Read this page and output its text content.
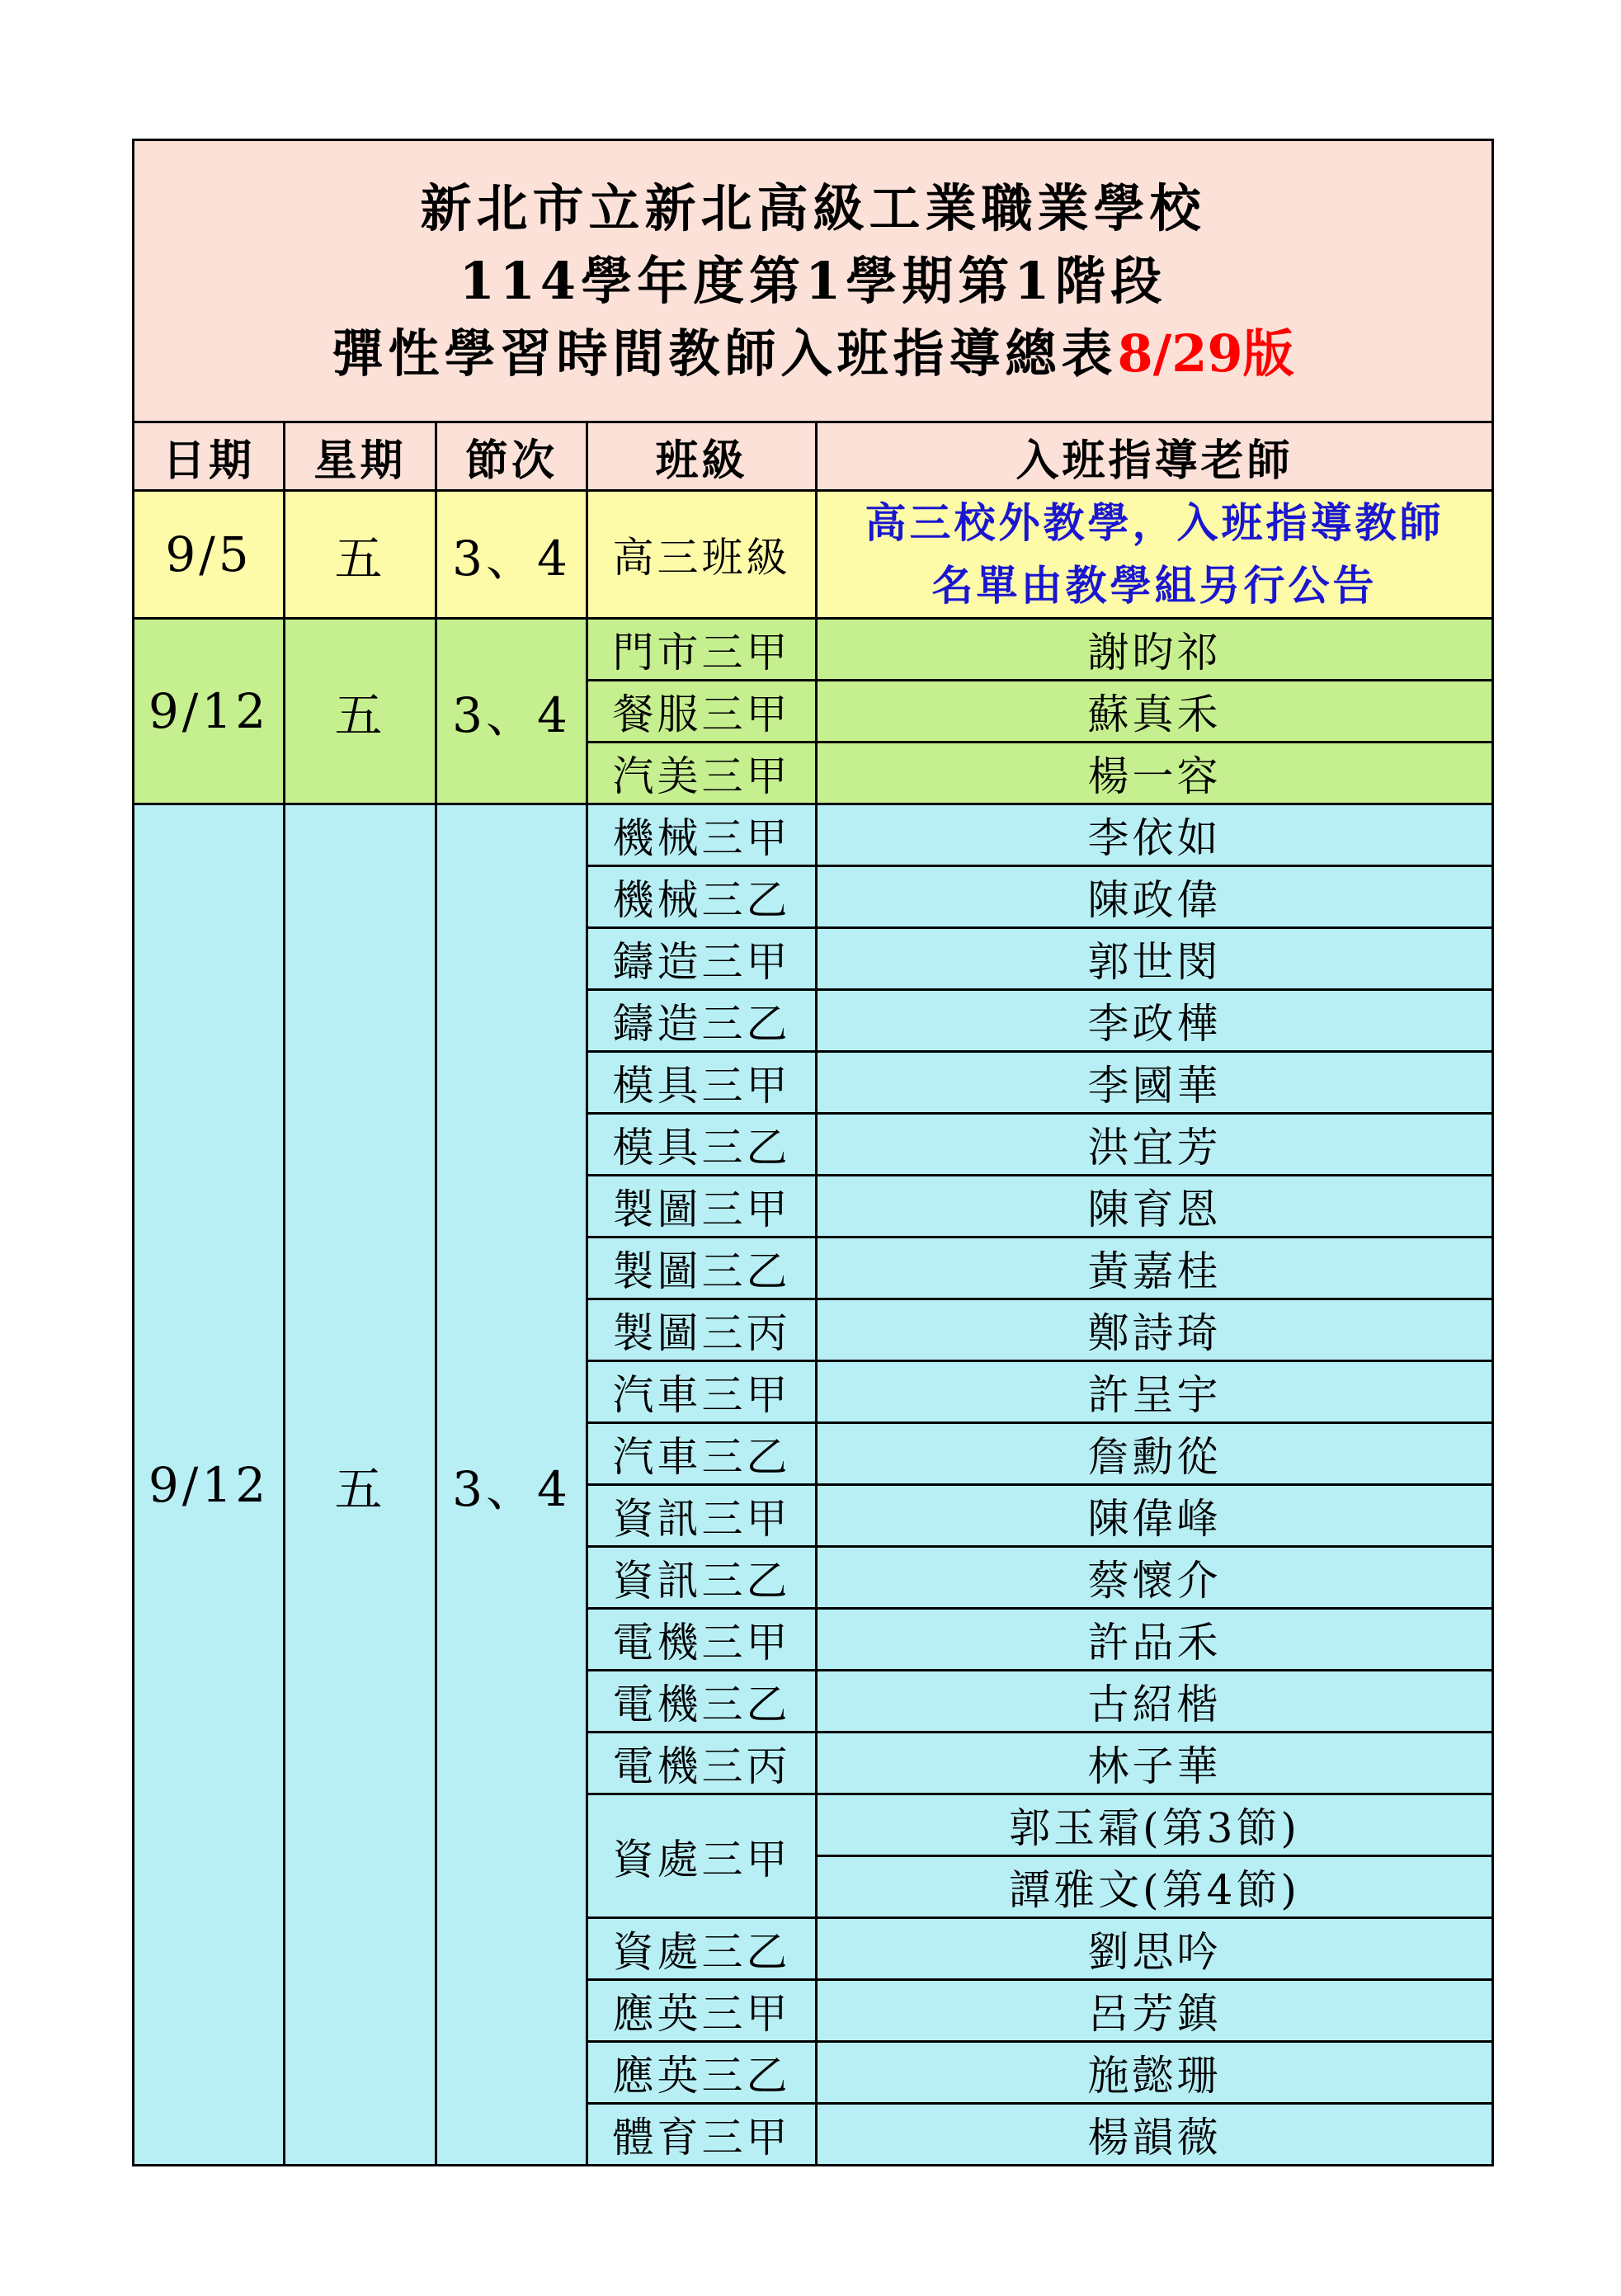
新北市立新北高級工業職業學校
114學年度第1學期第1階段
彈性學習時間教師入班指導總表8/29版				

日期	星期	節次	班級	入班指導老師
9/5	五	3、4	高三班級	高三校外教學，入班指導教師
名單由教學組另行公告

9/12	五	3、4	門市三甲	謝昀祁
			餐服三甲	蘇真禾
			汽美三甲	楊一容
9/12	五	3、4	機械三甲	李依如
			機械三乙	陳政偉
			鑄造三甲	郭世閔
			鑄造三乙	李政樺
			模具三甲	李國華
			模具三乙	洪宜芳
			製圖三甲	陳育恩
			製圖三乙	黃嘉桂
			製圖三丙	鄭詩琦
			汽車三甲	許呈宇
			汽車三乙	詹勳從
			資訊三甲	陳偉峰
			資訊三乙	蔡懷介
			電機三甲	許品禾
			電機三乙	古紹楷
			電機三丙	林子華
			資處三甲	郭玉霜(第3節)
				譚雅文(第4節)
			資處三乙	劉思吟
			應英三甲	呂芳鎮
			應英三乙	施懿珊
			體育三甲	楊韻薇
